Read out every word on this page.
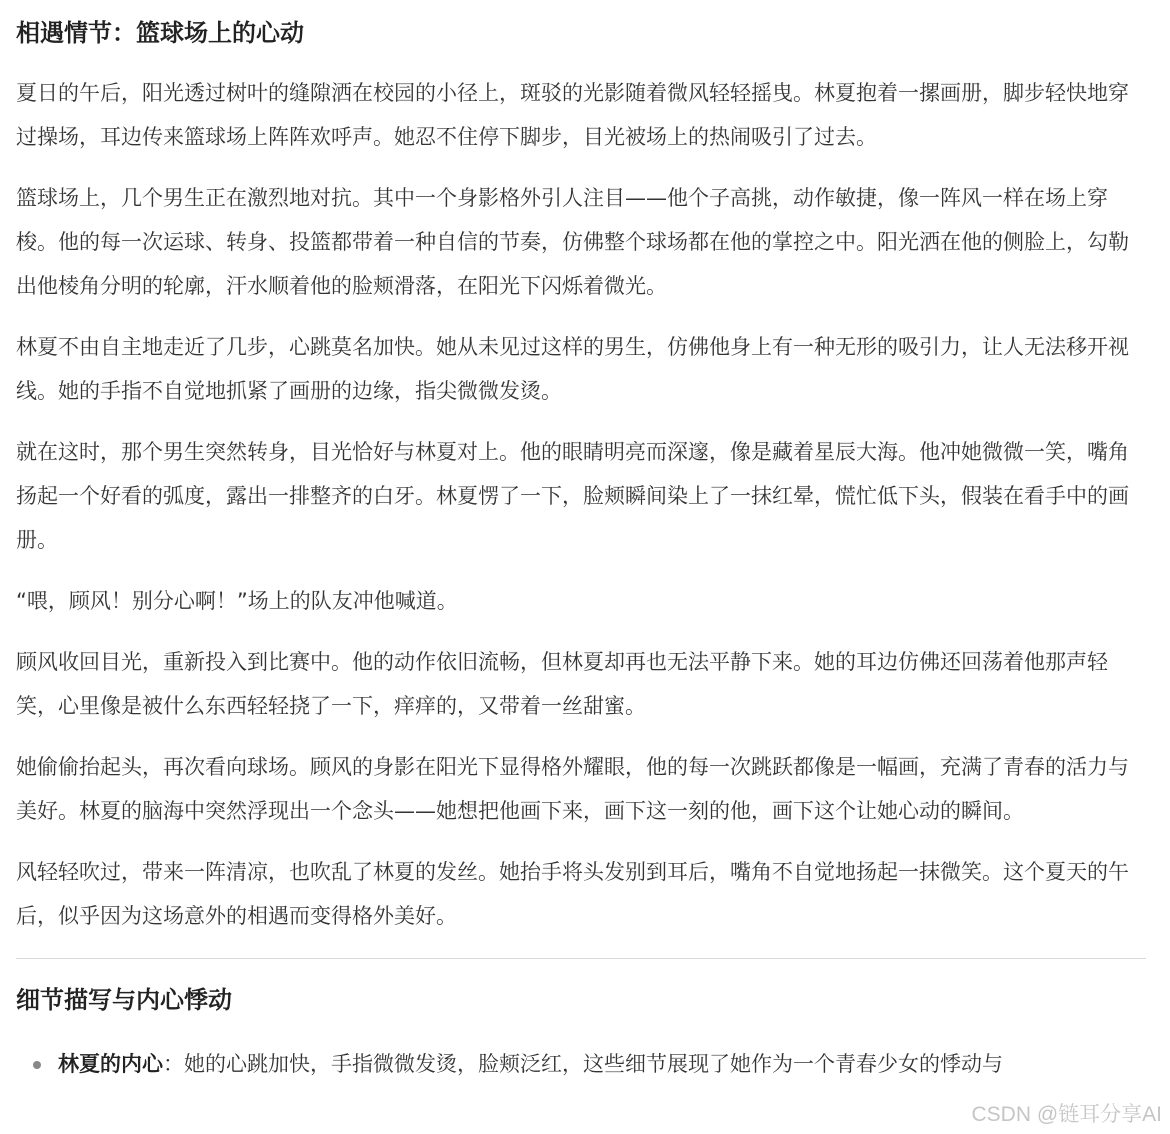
相遇情节：篮球场上的心动

夏日的午后，阳光透过树叶的缝隙洒在校园的小径上，斑驳的光影随着微风轻轻摇曳。林夏抱着一摞画册，脚步轻快地穿过操场，耳边传来篮球场上阵阵欢呼声。她忍不住停下脚步，目光被场上的热闹吸引了过去。

篮球场上，几个男生正在激烈地对抗。其中一个身影格外引人注目——他个子高挑，动作敏捷，像一阵风一样在场上穿梭。他的每一次运球、转身、投篮都带着一种自信的节奏，仿佛整个球场都在他的掌控之中。阳光洒在他的侧脸上，勾勒出他棱角分明的轮廓，汗水顺着他的脸颊滑落，在阳光下闪烁着微光。

林夏不由自主地走近了几步，心跳莫名加快。她从未见过这样的男生，仿佛他身上有一种无形的吸引力，让人无法移开视线。她的手指不自觉地抓紧了画册的边缘，指尖微微发烫。

就在这时，那个男生突然转身，目光恰好与林夏对上。他的眼睛明亮而深邃，像是藏着星辰大海。他冲她微微一笑，嘴角扬起一个好看的弧度，露出一排整齐的白牙。林夏愣了一下，脸颊瞬间染上了一抹红晕，慌忙低下头，假装在看手中的画册。

“喂，顾风！别分心啊！”场上的队友冲他喊道。

顾风收回目光，重新投入到比赛中。他的动作依旧流畅，但林夏却再也无法平静下来。她的耳边仿佛还回荡着他那声轻笑，心里像是被什么东西轻轻挠了一下，痒痒的，又带着一丝甜蜜。

她偷偷抬起头，再次看向球场。顾风的身影在阳光下显得格外耀眼，他的每一次跳跃都像是一幅画，充满了青春的活力与美好。林夏的脑海中突然浮现出一个念头——她想把他画下来，画下这一刻的他，画下这个让她心动的瞬间。

风轻轻吹过，带来一阵清凉，也吹乱了林夏的发丝。她抬手将头发别到耳后，嘴角不自觉地扬起一抹微笑。这个夏天的午后，似乎因为这场意外的相遇而变得格外美好。

细节描写与内心悸动
林夏的内心：她的心跳加快，手指微微发烫，脸颊泛红，这些细节展现了她作为一个青春少女的悸动与
CSDN @链耳分享AI
